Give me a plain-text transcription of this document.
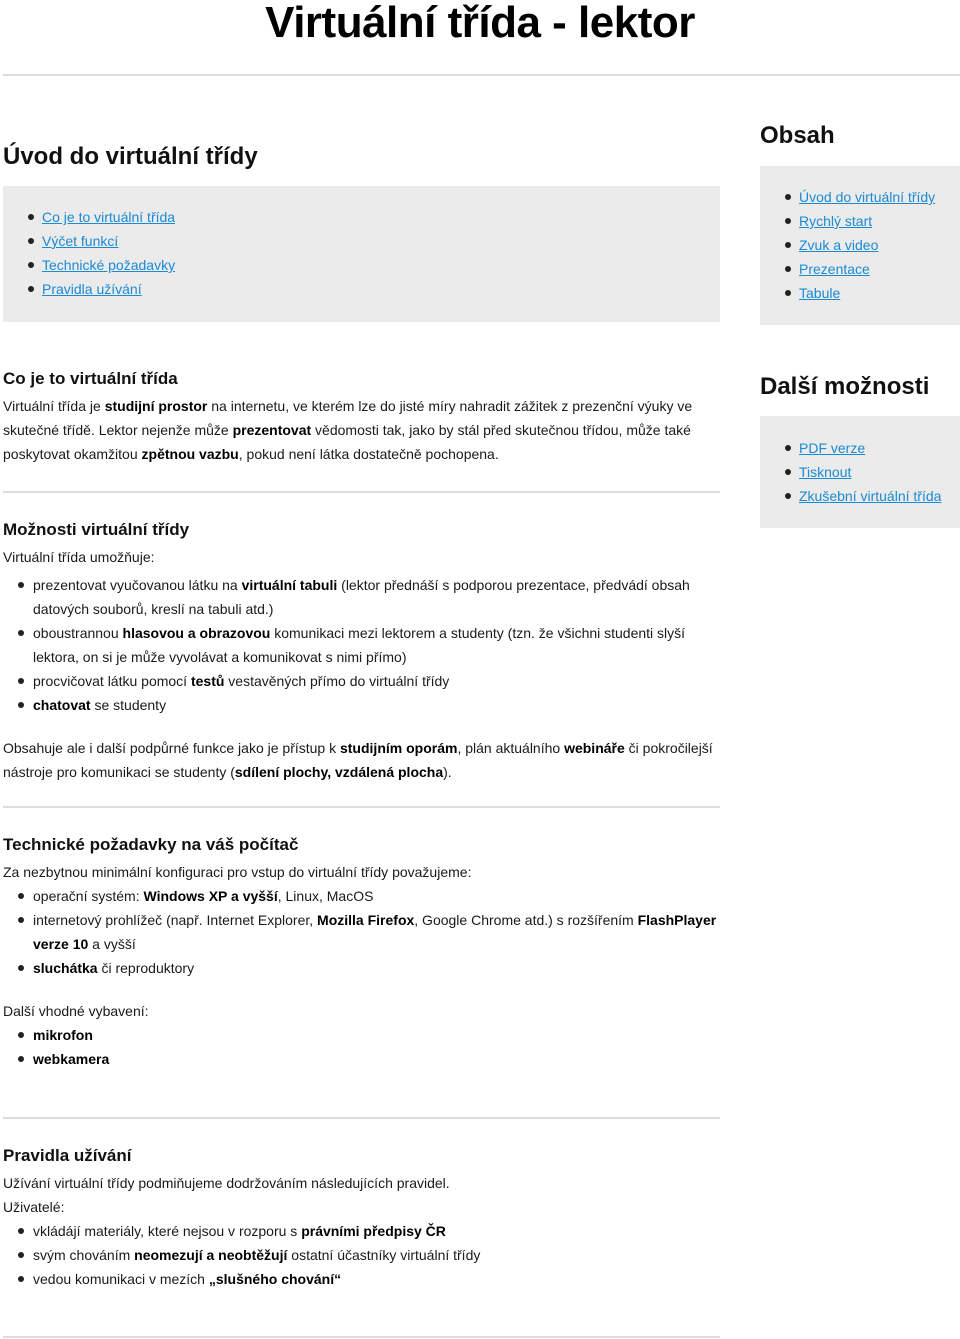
Virtuální třída - lektor
Úvod do virtuální třídy
Co je to virtuální třída
Výčet funkcí
Technické požadavky
Pravidla užívání
Obsah
Úvod do virtuální třídy
Rychlý start
Zvuk a video
Prezentace
Tabule
Další možnosti
PDF verze
Tisknout
Zkušební virtuální třída
Co je to virtuální třída

Virtuální třída je studijní prostor na internetu, ve kterém lze do jisté míry nahradit zážitek z prezenční výuky ve skutečné třídě. Lektor nejenže může prezentovat vědomosti tak, jako by stál před skutečnou třídou, může také poskytovat okamžitou zpětnou vazbu, pokud není látka dostatečně pochopena.

Možnosti virtuální třídy

Virtuální třída umožňuje:

prezentovat vyučovanou látku na virtuální tabuli (lektor přednáší s podporou prezentace, předvádí obsah datových souborů, kreslí na tabuli atd.)
oboustrannou hlasovou a obrazovou komunikaci mezi lektorem a studenty (tzn. že všichni studenti slyší lektora, on si je může vyvolávat a komunikovat s nimi přímo)
procvičovat látku pomocí testů vestavěných přímo do virtuální třídy
chatovat se studenty

Obsahuje ale i další podpůrné funkce jako je přístup k studijním oporám, plán aktuálního webináře či pokročilejší nástroje pro komunikaci se studenty (sdílení plochy, vzdálená plocha).

Technické požadavky na váš počítač

Za nezbytnou minimální konfiguraci pro vstup do virtuální třídy považujeme:

operační systém: Windows XP a vyšší, Linux, MacOS
internetový prohlížeč (např. Internet Explorer, Mozilla Firefox, Google Chrome atd.) s rozšířením FlashPlayer verze 10 a vyšší
sluchátka či reproduktory

Další vhodné vybavení:

mikrofon
webkamera
Pravidla užívání

Užívání virtuální třídy podmiňujeme dodržováním následujících pravidel.

Uživatelé:

vkládájí materiály, které nejsou v rozporu s právními předpisy ČR
svým chováním neomezují a neobtěžují ostatní účastníky virtuální třídy
vedou komunikaci v mezích „slušného chování“
